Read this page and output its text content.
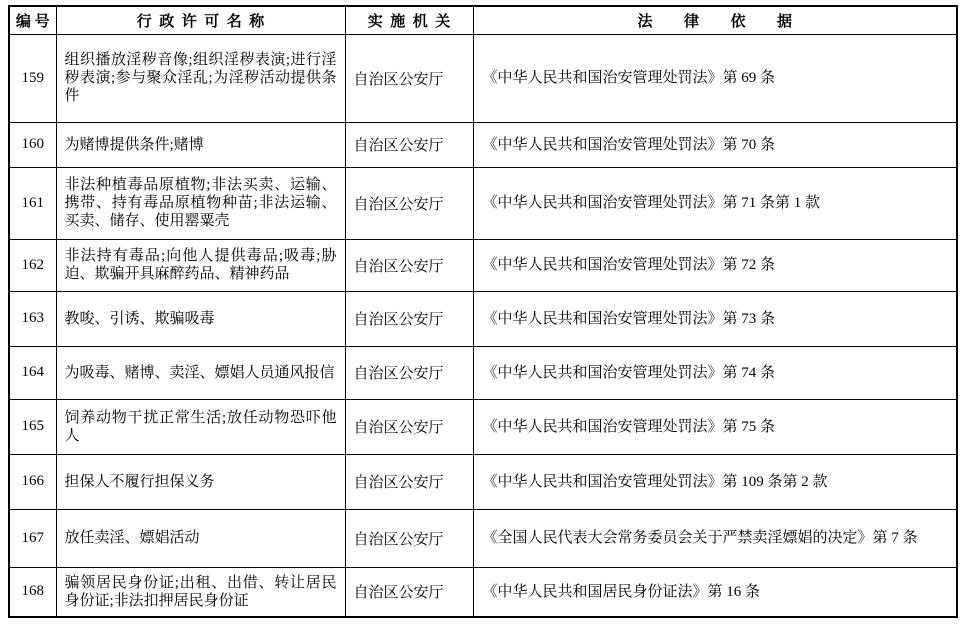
编号	行政许可名称	实施机关	法律依据
159	组织播放淫秽音像;组织淫秽表演;进行淫秽表演;参与聚众淫乱;为淫秽活动提供条件	自治区公安厅	《中华人民共和国治安管理处罚法》第 69 条
160	为赌博提供条件;赌博	自治区公安厅	《中华人民共和国治安管理处罚法》第 70 条
161	非法种植毒品原植物;非法买卖、运输、携带、持有毒品原植物种苗;非法运输、买卖、储存、使用罂粟壳	自治区公安厅	《中华人民共和国治安管理处罚法》第 71 条第 1 款
162	非法持有毒品;向他人提供毒品;吸毒;胁迫、欺骗开具麻醉药品、精神药品	自治区公安厅	《中华人民共和国治安管理处罚法》第 72 条
163	教唆、引诱、欺骗吸毒	自治区公安厅	《中华人民共和国治安管理处罚法》第 73 条
164	为吸毒、赌博、卖淫、嫖娼人员通风报信	自治区公安厅	《中华人民共和国治安管理处罚法》第 74 条
165	饲养动物干扰正常生活;放任动物恐吓他人	自治区公安厅	《中华人民共和国治安管理处罚法》第 75 条
166	担保人不履行担保义务	自治区公安厅	《中华人民共和国治安管理处罚法》第 109 条第 2 款
167	放任卖淫、嫖娼活动	自治区公安厅	《全国人民代表大会常务委员会关于严禁卖淫嫖娼的决定》第 7 条
168	骗领居民身份证;出租、出借、转让居民身份证;非法扣押居民身份证	自治区公安厅	《中华人民共和国居民身份证法》第 16 条
